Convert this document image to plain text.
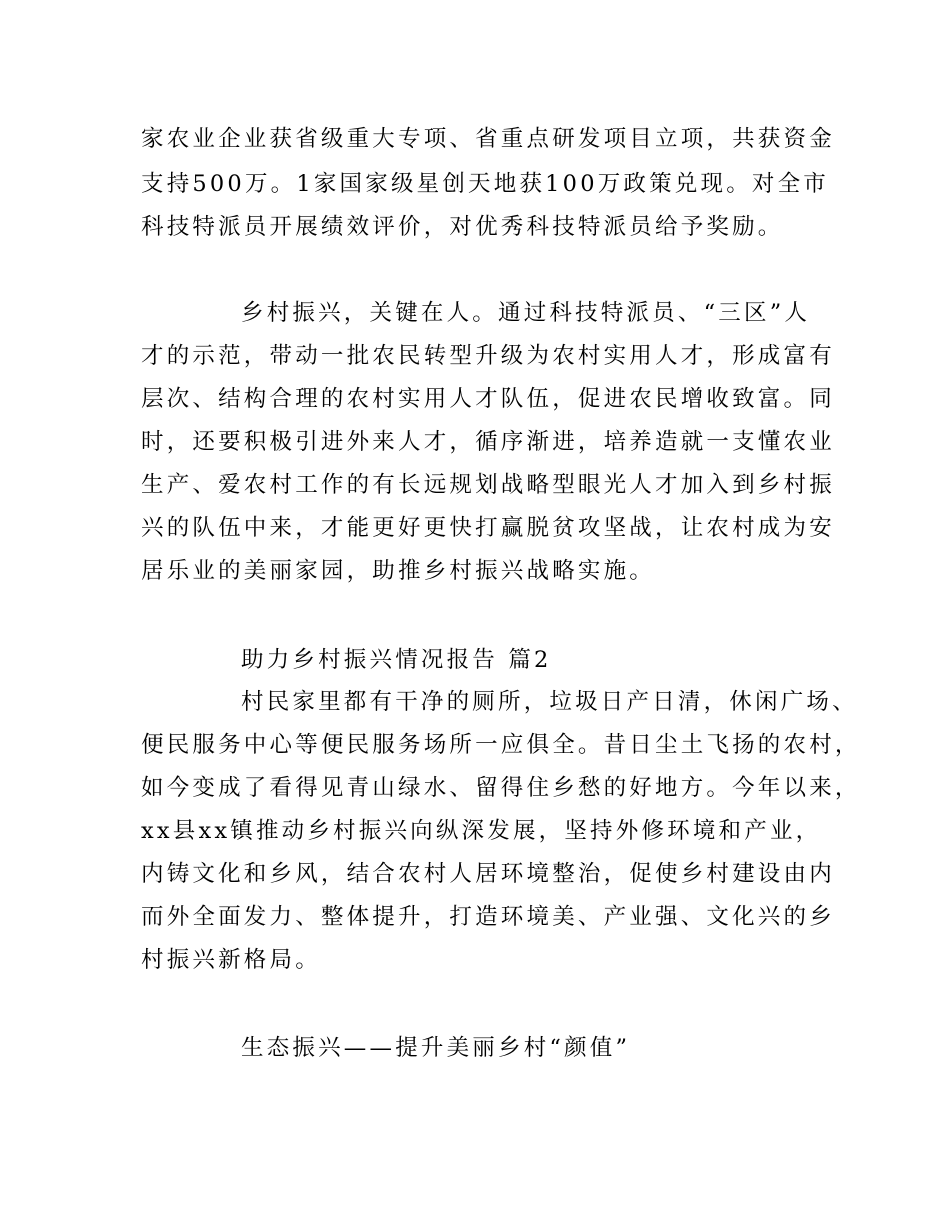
家农业企业获省级重大专项、省重点研发项目立项，共获资金
支持500万。1家国家级星创天地获100万政策兑现。对全市
科技特派员开展绩效评价，对优秀科技特派员给予奖励。
乡村振兴，关键在人。通过科技特派员、“三区”人
才的示范，带动一批农民转型升级为农村实用人才，形成富有
层次、结构合理的农村实用人才队伍，促进农民增收致富。同
时，还要积极引进外来人才，循序渐进，培养造就一支懂农业
生产、爱农村工作的有长远规划战略型眼光人才加入到乡村振
兴的队伍中来，才能更好更快打赢脱贫攻坚战，让农村成为安
居乐业的美丽家园，助推乡村振兴战略实施。
助力乡村振兴情况报告 篇2
村民家里都有干净的厕所，垃圾日产日清，休闲广场、
便民服务中心等便民服务场所一应俱全。昔日尘土飞扬的农村，
如今变成了看得见青山绿水、留得住乡愁的好地方。今年以来，
xx县xx镇推动乡村振兴向纵深发展，坚持外修环境和产业，
内铸文化和乡风，结合农村人居环境整治，促使乡村建设由内
而外全面发力、整体提升，打造环境美、产业强、文化兴的乡
村振兴新格局。
生态振兴——提升美丽乡村“颜值”
